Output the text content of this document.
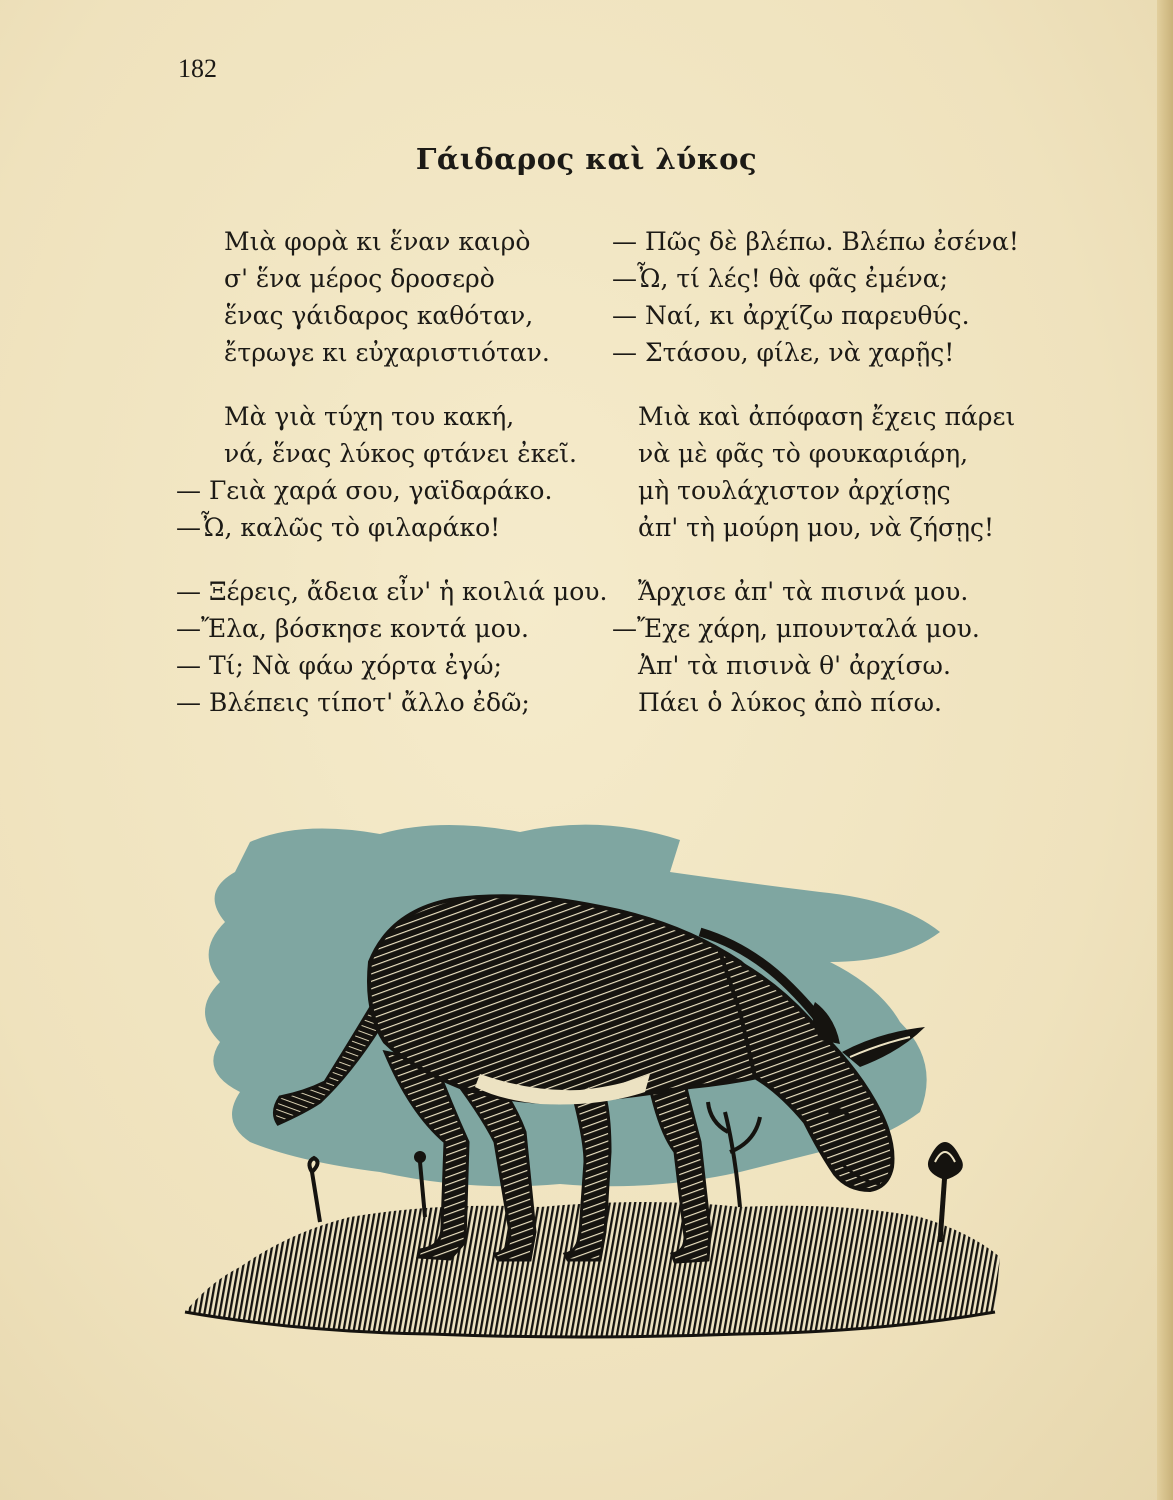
182
Γάιδαρος καὶ λύκος
Μιὰ φορὰ κι ἕναν καιρὸ
σ' ἕνα μέρος δροσερὸ
ἕνας γάιδαρος καθόταν,
ἔτρωγε κι εὐχαριστιόταν.
Μὰ γιὰ τύχη του κακή,
νά, ἕνας λύκος φτάνει ἐκεῖ.
— Γειὰ χαρά σου, γαϊδαράκο.
—Ὦ, καλῶς τὸ φιλαράκο!
— Ξέρεις, ἄδεια εἶν' ἡ κοιλιά μου.
—Ἔλα, βόσκησε κοντά μου.
— Τί; Νὰ φάω χόρτα ἐγώ;
— Βλέπεις τίποτ' ἄλλο ἐδῶ;
— Πῶς δὲ βλέπω. Βλέπω ἐσένα!
—Ὦ, τί λές! θὰ φᾶς ἐμένα;
— Ναί, κι ἀρχίζω παρευθύς.
— Στάσου, φίλε, νὰ χαρῇς!
Μιὰ καὶ ἀπόφαση ἔχεις πάρει
νὰ μὲ φᾶς τὸ φουκαριάρη,
μὴ τουλάχιστον ἀρχίσῃς
ἀπ' τὴ μούρη μου, νὰ ζήσῃς!
Ἄρχισε ἀπ' τὰ πισινά μου.
—Ἔχε χάρη, μπουνταλά μου.
Ἀπ' τὰ πισινὰ θ' ἀρχίσω.
Πάει ὁ λύκος ἀπὸ πίσω.
